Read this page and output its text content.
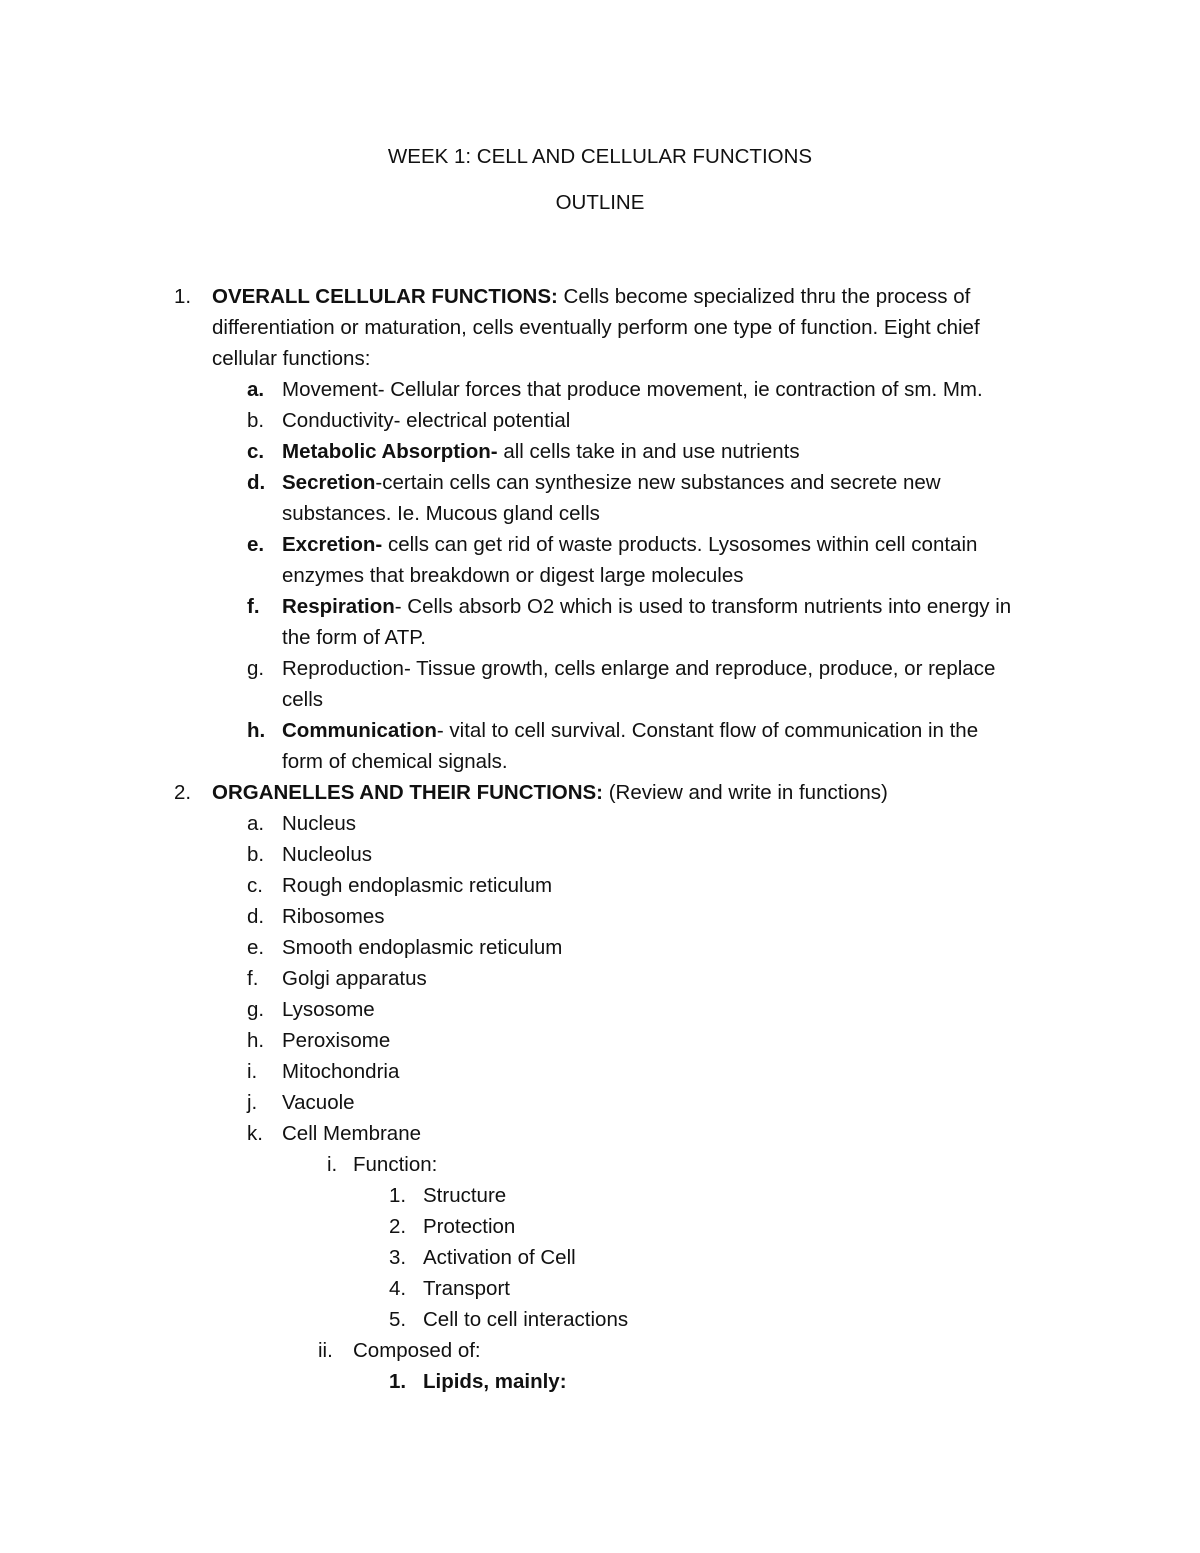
WEEK 1: CELL AND CELLULAR FUNCTIONS
OUTLINE
1. OVERALL CELLULAR FUNCTIONS: Cells become specialized thru the process of
differentiation or maturation, cells eventually perform one type of function. Eight chief
cellular functions:
a. Movement- Cellular forces that produce movement, ie contraction of sm. Mm.
b. Conductivity- electrical potential
c. Metabolic Absorption- all cells take in and use nutrients
d. Secretion-certain cells can synthesize new substances and secrete new
substances. Ie. Mucous gland cells
e. Excretion- cells can get rid of waste products. Lysosomes within cell contain
enzymes that breakdown or digest large molecules
f. Respiration- Cells absorb O2 which is used to transform nutrients into energy in
the form of ATP.
g. Reproduction- Tissue growth, cells enlarge and reproduce, produce, or replace
cells
h. Communication- vital to cell survival. Constant flow of communication in the
form of chemical signals.
2. ORGANELLES AND THEIR FUNCTIONS: (Review and write in functions)
a. Nucleus
b. Nucleolus
c. Rough endoplasmic reticulum
d. Ribosomes
e. Smooth endoplasmic reticulum
f. Golgi apparatus
g. Lysosome
h. Peroxisome
i. Mitochondria
j. Vacuole
k. Cell Membrane
i. Function:
1. Structure
2. Protection
3. Activation of Cell
4. Transport
5. Cell to cell interactions
ii. Composed of:
1. Lipids, mainly:
